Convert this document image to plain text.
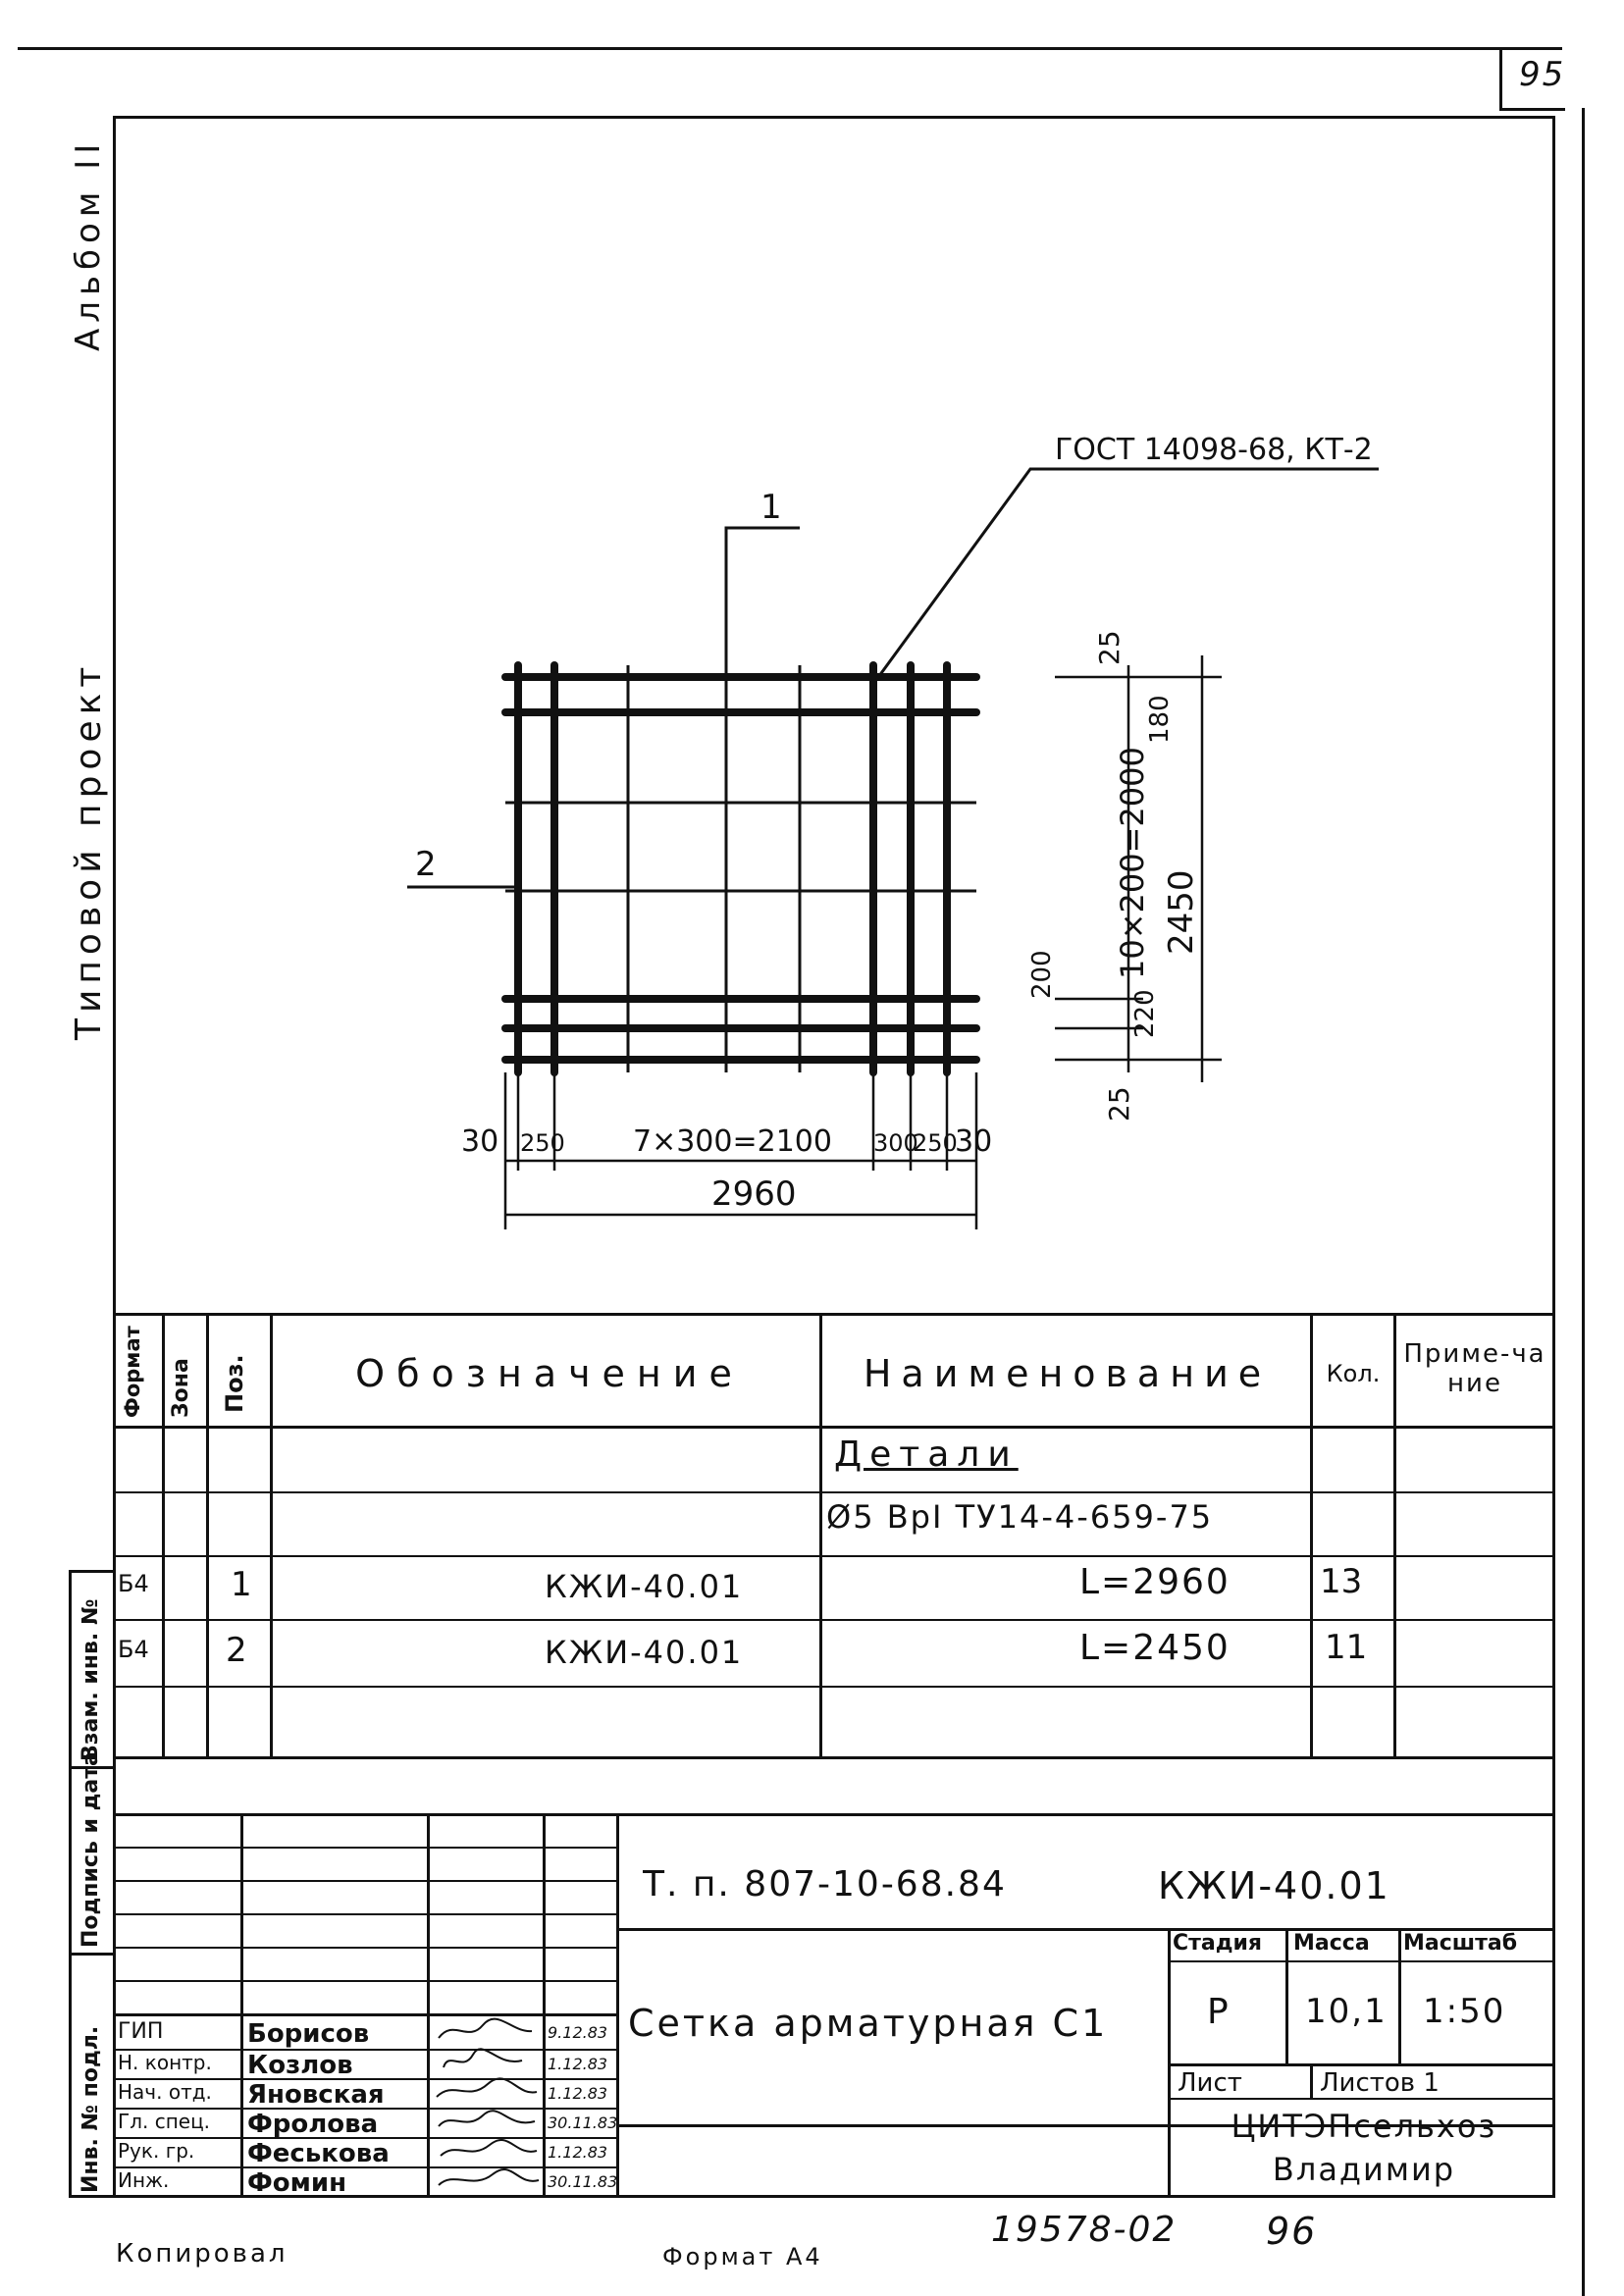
95
Альбом II
Типовой проект
Инв. № подл.
Подпись и дата
Взам. инв. №
1
2
ГОСТ 14098-68, КТ-2
30 250 7×300=2100 300
250
30
2960
25
180
10×200=2000 2450
200
220
25
Формат Зона Поз.	Обозначение	Наименование	Кол.
Приме-чание
Детали
Ø5 ВрI ТУ14-4-659-75
Б4 1	КЖИ-40.01	L=2960	13
Б4 2	КЖИ-40.01	L=2450	11
Т. п. 807-10-68.84	КЖИ-40.01
Сетка арматурная С1
Стадия Масса Масштаб
Р 10,1 1:50
Лист	Листов 1
ЦИТЭПсельхоз Владимир
ГИП	Борисов	9.12.83
Н. контр. Козлов	1.12.83
Нач. отд. Яновская	1.12.83
Гл. спец. Фролова	30.11.83
Рук. гр. Феськова	1.12.83
Инж.	Фомин	30.11.83
Копировал	Формат А4
19578-02 96
